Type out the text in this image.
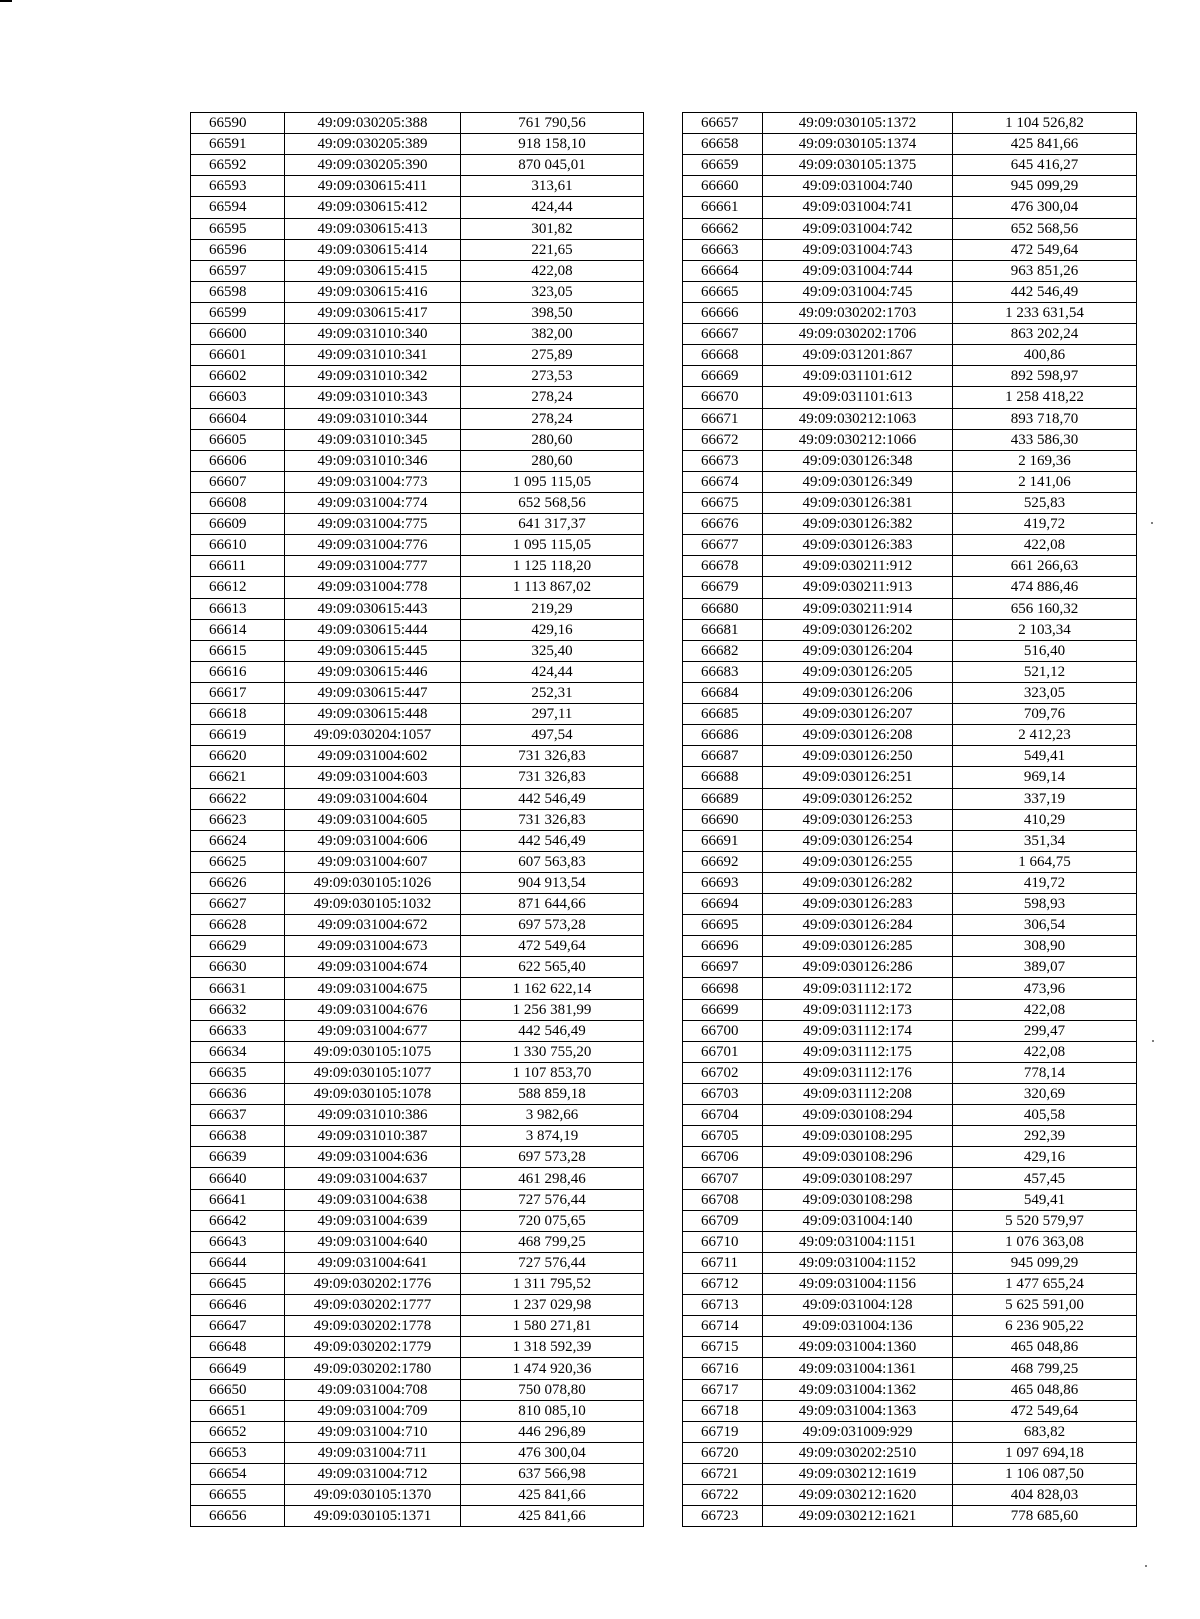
66590	49:09:030205:388	761 790,56
66591	49:09:030205:389	918 158,10
66592	49:09:030205:390	870 045,01
66593	49:09:030615:411	313,61
66594	49:09:030615:412	424,44
66595	49:09:030615:413	301,82
66596	49:09:030615:414	221,65
66597	49:09:030615:415	422,08
66598	49:09:030615:416	323,05
66599	49:09:030615:417	398,50
66600	49:09:031010:340	382,00
66601	49:09:031010:341	275,89
66602	49:09:031010:342	273,53
66603	49:09:031010:343	278,24
66604	49:09:031010:344	278,24
66605	49:09:031010:345	280,60
66606	49:09:031010:346	280,60
66607	49:09:031004:773	1 095 115,05
66608	49:09:031004:774	652 568,56
66609	49:09:031004:775	641 317,37
66610	49:09:031004:776	1 095 115,05
66611	49:09:031004:777	1 125 118,20
66612	49:09:031004:778	1 113 867,02
66613	49:09:030615:443	219,29
66614	49:09:030615:444	429,16
66615	49:09:030615:445	325,40
66616	49:09:030615:446	424,44
66617	49:09:030615:447	252,31
66618	49:09:030615:448	297,11
66619	49:09:030204:1057	497,54
66620	49:09:031004:602	731 326,83
66621	49:09:031004:603	731 326,83
66622	49:09:031004:604	442 546,49
66623	49:09:031004:605	731 326,83
66624	49:09:031004:606	442 546,49
66625	49:09:031004:607	607 563,83
66626	49:09:030105:1026	904 913,54
66627	49:09:030105:1032	871 644,66
66628	49:09:031004:672	697 573,28
66629	49:09:031004:673	472 549,64
66630	49:09:031004:674	622 565,40
66631	49:09:031004:675	1 162 622,14
66632	49:09:031004:676	1 256 381,99
66633	49:09:031004:677	442 546,49
66634	49:09:030105:1075	1 330 755,20
66635	49:09:030105:1077	1 107 853,70
66636	49:09:030105:1078	588 859,18
66637	49:09:031010:386	3 982,66
66638	49:09:031010:387	3 874,19
66639	49:09:031004:636	697 573,28
66640	49:09:031004:637	461 298,46
66641	49:09:031004:638	727 576,44
66642	49:09:031004:639	720 075,65
66643	49:09:031004:640	468 799,25
66644	49:09:031004:641	727 576,44
66645	49:09:030202:1776	1 311 795,52
66646	49:09:030202:1777	1 237 029,98
66647	49:09:030202:1778	1 580 271,81
66648	49:09:030202:1779	1 318 592,39
66649	49:09:030202:1780	1 474 920,36
66650	49:09:031004:708	750 078,80
66651	49:09:031004:709	810 085,10
66652	49:09:031004:710	446 296,89
66653	49:09:031004:711	476 300,04
66654	49:09:031004:712	637 566,98
66655	49:09:030105:1370	425 841,66
66656	49:09:030105:1371	425 841,66
66657	49:09:030105:1372	1 104 526,82
66658	49:09:030105:1374	425 841,66
66659	49:09:030105:1375	645 416,27
66660	49:09:031004:740	945 099,29
66661	49:09:031004:741	476 300,04
66662	49:09:031004:742	652 568,56
66663	49:09:031004:743	472 549,64
66664	49:09:031004:744	963 851,26
66665	49:09:031004:745	442 546,49
66666	49:09:030202:1703	1 233 631,54
66667	49:09:030202:1706	863 202,24
66668	49:09:031201:867	400,86
66669	49:09:031101:612	892 598,97
66670	49:09:031101:613	1 258 418,22
66671	49:09:030212:1063	893 718,70
66672	49:09:030212:1066	433 586,30
66673	49:09:030126:348	2 169,36
66674	49:09:030126:349	2 141,06
66675	49:09:030126:381	525,83
66676	49:09:030126:382	419,72
66677	49:09:030126:383	422,08
66678	49:09:030211:912	661 266,63
66679	49:09:030211:913	474 886,46
66680	49:09:030211:914	656 160,32
66681	49:09:030126:202	2 103,34
66682	49:09:030126:204	516,40
66683	49:09:030126:205	521,12
66684	49:09:030126:206	323,05
66685	49:09:030126:207	709,76
66686	49:09:030126:208	2 412,23
66687	49:09:030126:250	549,41
66688	49:09:030126:251	969,14
66689	49:09:030126:252	337,19
66690	49:09:030126:253	410,29
66691	49:09:030126:254	351,34
66692	49:09:030126:255	1 664,75
66693	49:09:030126:282	419,72
66694	49:09:030126:283	598,93
66695	49:09:030126:284	306,54
66696	49:09:030126:285	308,90
66697	49:09:030126:286	389,07
66698	49:09:031112:172	473,96
66699	49:09:031112:173	422,08
66700	49:09:031112:174	299,47
66701	49:09:031112:175	422,08
66702	49:09:031112:176	778,14
66703	49:09:031112:208	320,69
66704	49:09:030108:294	405,58
66705	49:09:030108:295	292,39
66706	49:09:030108:296	429,16
66707	49:09:030108:297	457,45
66708	49:09:030108:298	549,41
66709	49:09:031004:140	5 520 579,97
66710	49:09:031004:1151	1 076 363,08
66711	49:09:031004:1152	945 099,29
66712	49:09:031004:1156	1 477 655,24
66713	49:09:031004:128	5 625 591,00
66714	49:09:031004:136	6 236 905,22
66715	49:09:031004:1360	465 048,86
66716	49:09:031004:1361	468 799,25
66717	49:09:031004:1362	465 048,86
66718	49:09:031004:1363	472 549,64
66719	49:09:031009:929	683,82
66720	49:09:030202:2510	1 097 694,18
66721	49:09:030212:1619	1 106 087,50
66722	49:09:030212:1620	404 828,03
66723	49:09:030212:1621	778 685,60
